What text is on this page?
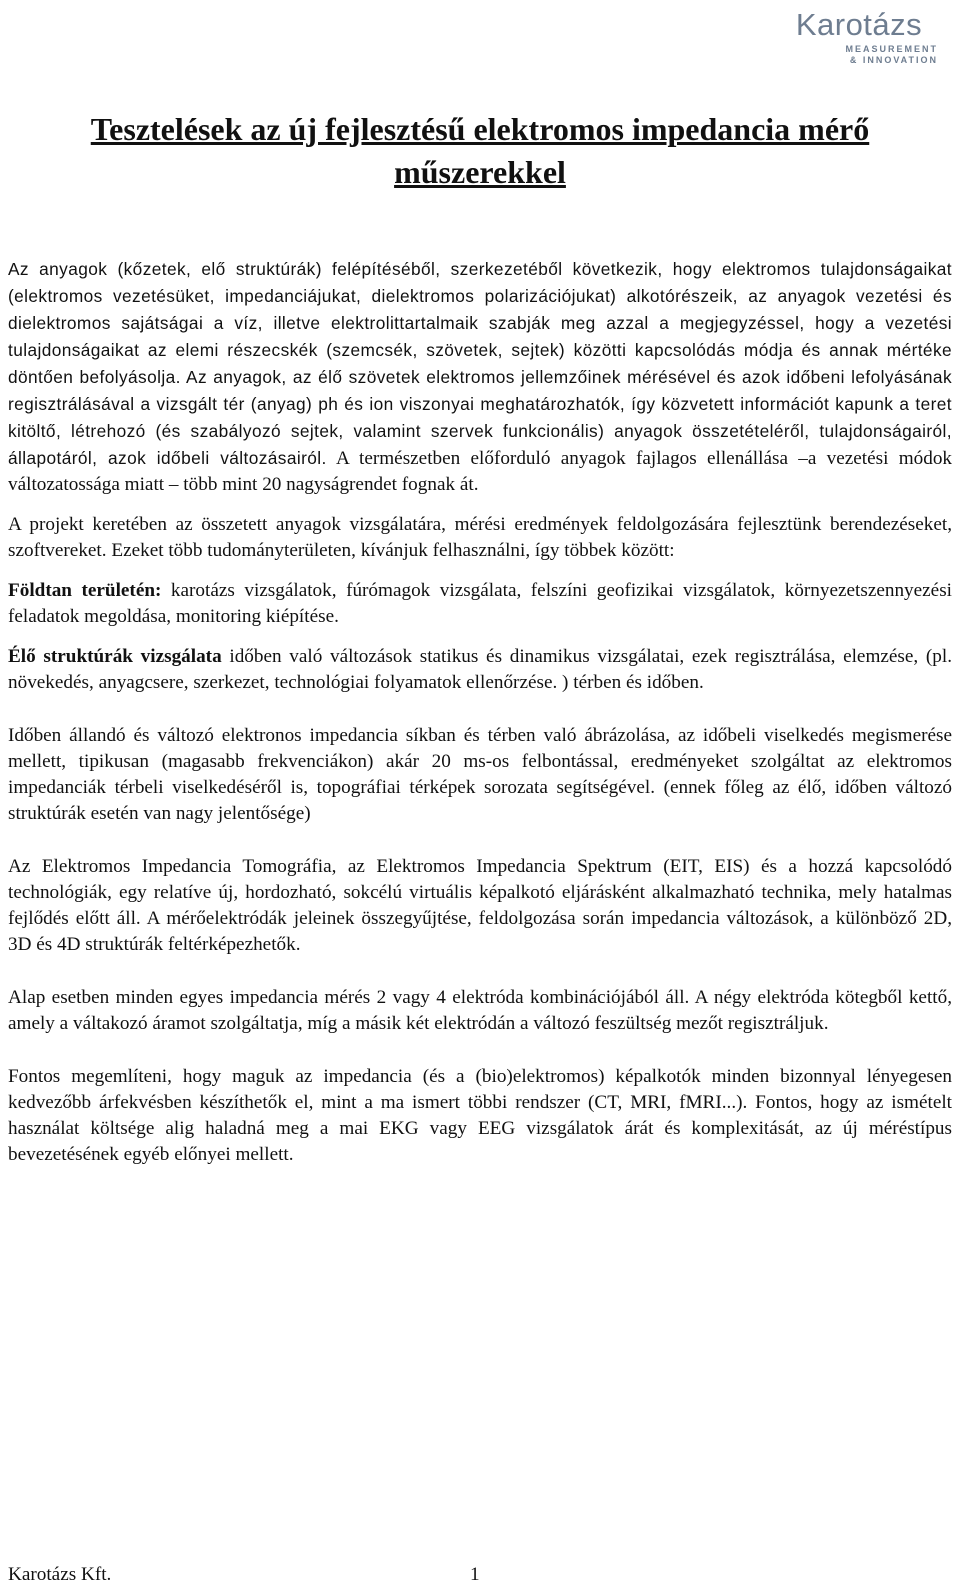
Karotázs
MEASUREMENT
& INNOVATION
Tesztelések az új fejlesztésű elektromos impedancia mérő műszerekkel
Az anyagok (kőzetek, elő struktúrák) felépítéséből, szerkezetéből következik, hogy elektromos tulajdonságaikat (elektromos vezetésüket, impedanciájukat, dielektromos polarizációjukat) alkotórészeik, az anyagok vezetési és dielektromos sajátságai a víz, illetve elektrolittartalmaik szabják meg azzal a megjegyzéssel, hogy a vezetési tulajdonságaikat az elemi részecskék (szemcsék, szövetek, sejtek) közötti kapcsolódás módja és annak mértéke döntően befolyásolja. Az anyagok, az élő szövetek elektromos jellemzőinek mérésével és azok időbeni lefolyásának regisztrálásával a vizsgált tér (anyag) ph és ion viszonyai meghatározhatók, így közvetett információt kapunk a teret kitöltő, létrehozó (és szabályozó sejtek, valamint szervek funkcionális) anyagok összetételéről, tulajdonságairól, állapotáról, azok időbeli változásairól. A természetben előforduló anyagok fajlagos ellenállása –a vezetési módok változatossága miatt – több mint 20 nagyságrendet fognak át.
A projekt keretében az összetett anyagok vizsgálatára, mérési eredmények feldolgozására fejlesztünk berendezéseket, szoftvereket. Ezeket több tudományterületen, kívánjuk felhasználni, így többek között:
Földtan területén: karotázs vizsgálatok, fúrómagok vizsgálata, felszíni geofizikai vizsgálatok, környezetszennyezési feladatok megoldása, monitoring kiépítése.
Élő struktúrák vizsgálata időben való változások statikus és dinamikus vizsgálatai, ezek regisztrálása, elemzése, (pl. növekedés, anyagcsere, szerkezet, technológiai folyamatok ellenőrzése. ) térben és időben.
Időben állandó és változó elektronos impedancia síkban és térben való ábrázolása, az időbeli viselkedés megismerése mellett, tipikusan (magasabb frekvenciákon) akár 20 ms-os felbontással, eredményeket szolgáltat az elektromos impedanciák térbeli viselkedéséről is, topográfiai térképek sorozata segítségével. (ennek főleg az élő, időben változó struktúrák esetén van nagy jelentősége)
Az Elektromos Impedancia Tomográfia, az Elektromos Impedancia Spektrum (EIT, EIS) és a hozzá kapcsolódó technológiák, egy relatíve új, hordozható, sokcélú virtuális képalkotó eljárásként alkalmazható technika, mely hatalmas fejlődés előtt áll. A mérőelektródák jeleinek összegyűjtése, feldolgozása során impedancia változások, a különböző 2D, 3D és 4D struktúrák feltérképezhetők.
Alap esetben minden egyes impedancia mérés 2 vagy 4 elektróda kombinációjából áll. A négy elektróda kötegből kettő, amely a váltakozó áramot szolgáltatja, míg a másik két elektródán a változó feszültség mezőt regisztráljuk.
Fontos megemlíteni, hogy maguk az impedancia (és a (bio)elektromos) képalkotók minden bizonnyal lényegesen kedvezőbb árfekvésben készíthetők el, mint a ma ismert többi rendszer (CT, MRI, fMRI...). Fontos, hogy az ismételt használat költsége alig haladná meg a mai EKG vagy EEG vizsgálatok árát és komplexitását, az új méréstípus bevezetésének egyéb előnyei mellett.
Karotázs Kft.	1
